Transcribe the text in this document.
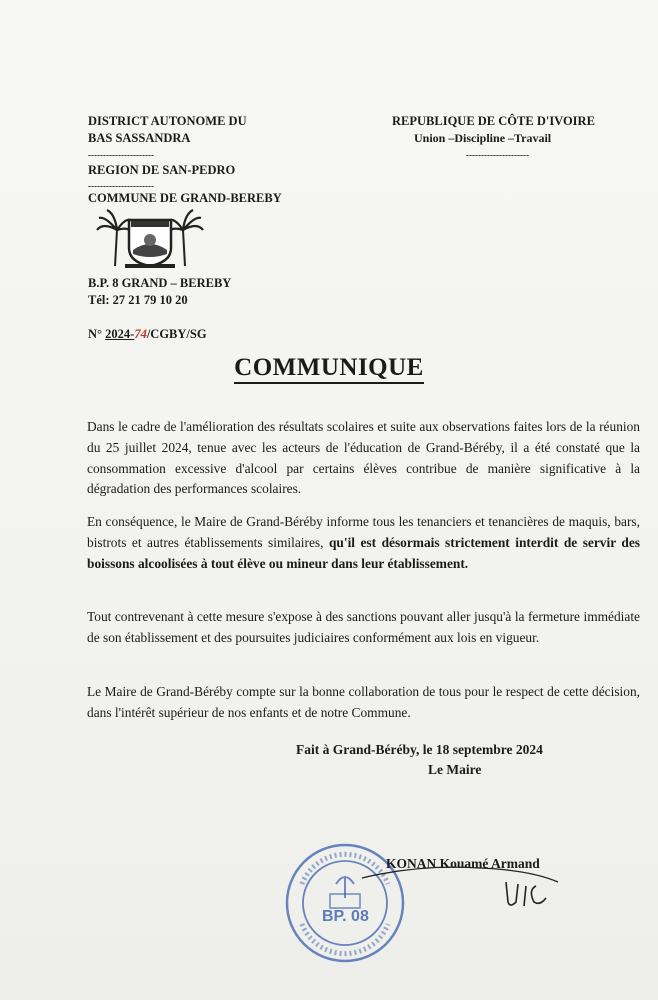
DISTRICT AUTONOME DU
BAS SASSANDRA
----------------------
REGION DE SAN-PEDRO
----------------------
COMMUNE DE GRAND-BEREBY
B.P. 8 GRAND – BEREBY
Tél: 27 21 79 10 20
N° 2024-74/CGBY/SG
REPUBLIQUE DE CÔTE D'IVOIRE
Union –Discipline –Travail
---------------------
COMMUNIQUE
Dans le cadre de l'amélioration des résultats scolaires et suite aux observations faites lors de la réunion du 25 juillet 2024, tenue avec les acteurs de l'éducation de Grand-Béréby, il a été constaté que la consommation excessive d'alcool par certains élèves contribue de manière significative à la dégradation des performances scolaires.
En conséquence, le Maire de Grand-Béréby informe tous les tenanciers et tenancières de maquis, bars, bistrots et autres établissements similaires, qu'il est désormais strictement interdit de servir des boissons alcoolisées à tout élève ou mineur dans leur établissement.
Tout contrevenant à cette mesure s'expose à des sanctions pouvant aller jusqu'à la fermeture immédiate de son établissement et des poursuites judiciaires conformément aux lois en vigueur.
Le Maire de Grand-Béréby compte sur la bonne collaboration de tous pour le respect de cette décision, dans l'intérêt supérieur de nos enfants et de notre Commune.
Fait à Grand-Béréby, le 18 septembre 2024
Le Maire
BP. 08
KONAN Kouamé Armand
